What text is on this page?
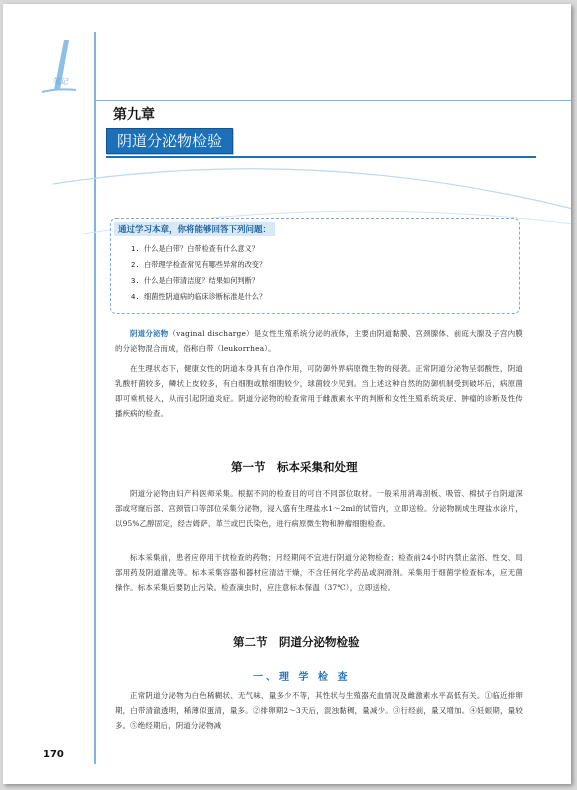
笔记
第九章
阴道分泌物检验
通过学习本章，你将能够回答下列问题：
1. 什么是白带？白带检查有什么意义？
2. 白带理学检查常见有哪些异常的改变？
3. 什么是白带清洁度？结果如何判断？
4. 细菌性阴道病的临床诊断标准是什么？
阴道分泌物（vaginal discharge）是女性生殖系统分泌的液体，主要由阴道黏膜、宫颈腺体、前庭大腺及子宫内膜的分泌物混合而成，俗称白带（leukorrhea）。
在生理状态下，健康女性的阴道本身具有自净作用，可防御外界病原微生物的侵袭。正常阴道分泌物呈弱酸性，阴道乳酸杆菌较多，鳞状上皮较多，有白细胞或脓细胞较少，球菌较少见到。当上述这种自然的防御机制受到破坏后，病原菌即可乘机侵入，从而引起阴道炎症。阴道分泌物的检查常用于雌激素水平的判断和女性生殖系统炎症、肿瘤的诊断及性传播疾病的检查。
第一节　标本采集和处理
阴道分泌物由妇产科医师采集。根据不同的检查目的可自不同部位取材。一般采用消毒刮板、吸管、棉拭子自阴道深部或穹窿后部、宫颈管口等部位采集分泌物，浸入盛有生理盐水1～2ml的试管内，立即送检。分泌物制成生理盐水涂片，以95%乙醇固定，经吉姆萨、革兰或巴氏染色，进行病原微生物和肿瘤细胞检查。
标本采集前，患者应停用干扰检查的药物；月经期间不宜进行阴道分泌物检查；检查前24小时内禁止盆浴、性交、局部用药及阴道灌洗等。标本采集容器和器材应清洁干燥，不含任何化学药品或润滑剂。采集用于细菌学检查标本，应无菌操作。标本采集后要防止污染。检查滴虫时，应注意标本保温（37℃），立即送检。
第二节　阴道分泌物检验
一、理 学 检 查
正常阴道分泌物为白色稀糊状、无气味、量多少不等，其性状与生殖器充血情况及雌激素水平高低有关。①临近排卵期，白带清澈透明，稀薄似蛋清，量多。②排卵期2～3天后，混浊黏稠，量减少。③行经前，量又增加。④妊娠期，量较多。⑤绝经期后，阴道分泌物减
170
